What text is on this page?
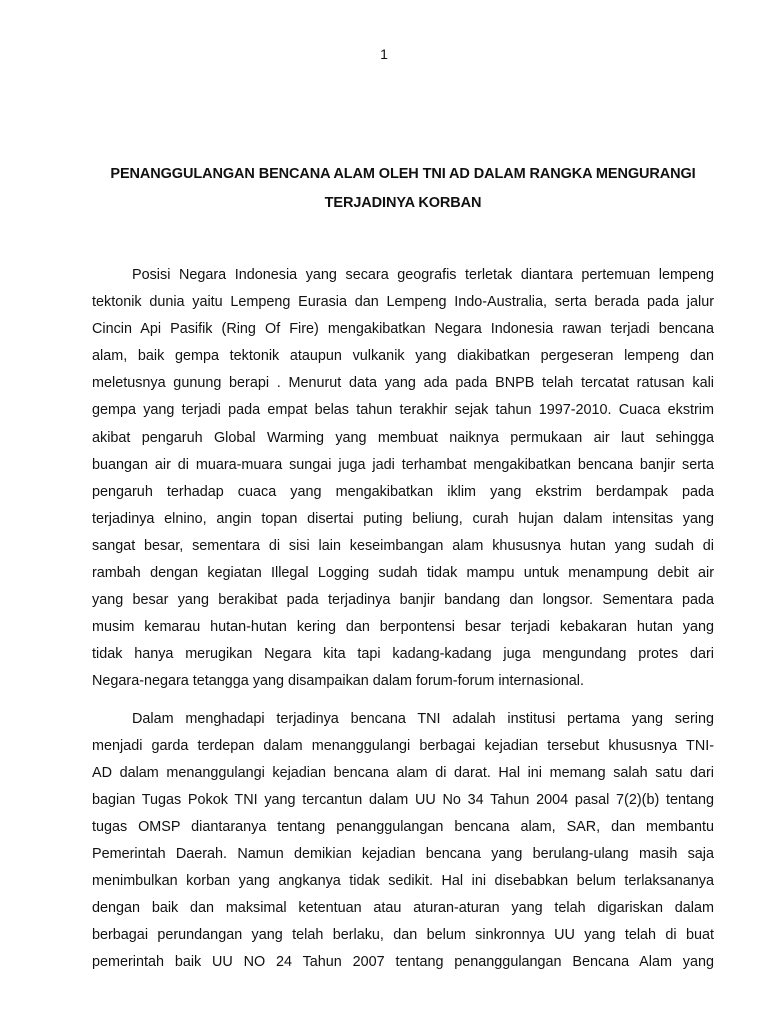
1
PENANGGULANGAN BENCANA ALAM OLEH TNI AD DALAM RANGKA MENGURANGI
TERJADINYA KORBAN

Posisi Negara Indonesia yang secara geografis terletak diantara pertemuan lempeng
tektonik dunia yaitu Lempeng Eurasia dan Lempeng Indo-Australia, serta berada pada jalur
Cincin Api Pasifik (Ring Of Fire) mengakibatkan Negara Indonesia rawan terjadi bencana
alam, baik gempa tektonik ataupun vulkanik yang diakibatkan pergeseran lempeng dan
meletusnya gunung berapi . Menurut data yang ada pada BNPB telah tercatat ratusan kali
gempa yang terjadi pada empat belas tahun terakhir sejak tahun 1997-2010. Cuaca ekstrim
akibat pengaruh Global Warming yang membuat naiknya permukaan air laut sehingga
buangan air di muara-muara sungai juga jadi terhambat mengakibatkan bencana banjir serta
pengaruh terhadap cuaca yang mengakibatkan iklim yang ekstrim berdampak pada
terjadinya elnino, angin topan disertai puting beliung, curah hujan dalam intensitas yang
sangat besar, sementara di sisi lain keseimbangan alam khususnya hutan yang sudah di
rambah dengan kegiatan Illegal Logging sudah tidak mampu untuk menampung debit air
yang besar yang berakibat pada terjadinya banjir bandang dan longsor. Sementara pada
musim kemarau hutan-hutan kering dan berpontensi besar terjadi kebakaran hutan yang
tidak hanya merugikan Negara kita tapi kadang-kadang juga mengundang protes dari
Negara-negara tetangga yang disampaikan dalam forum-forum internasional.

Dalam menghadapi terjadinya bencana TNI adalah institusi pertama yang sering
menjadi garda terdepan dalam menanggulangi berbagai kejadian tersebut khususnya TNI-
AD dalam menanggulangi kejadian bencana alam di darat. Hal ini memang salah satu dari
bagian Tugas Pokok TNI yang tercantun dalam UU No 34 Tahun 2004 pasal 7(2)(b) tentang
tugas OMSP diantaranya tentang penanggulangan bencana alam, SAR, dan membantu
Pemerintah Daerah. Namun demikian kejadian bencana yang berulang-ulang masih saja
menimbulkan korban yang angkanya tidak sedikit. Hal ini disebabkan belum terlaksananya
dengan baik dan maksimal ketentuan atau aturan-aturan yang telah digariskan dalam
berbagai perundangan yang telah berlaku, dan belum sinkronnya UU yang telah di buat
pemerintah baik UU NO 24 Tahun 2007 tentang penanggulangan Bencana Alam yang
